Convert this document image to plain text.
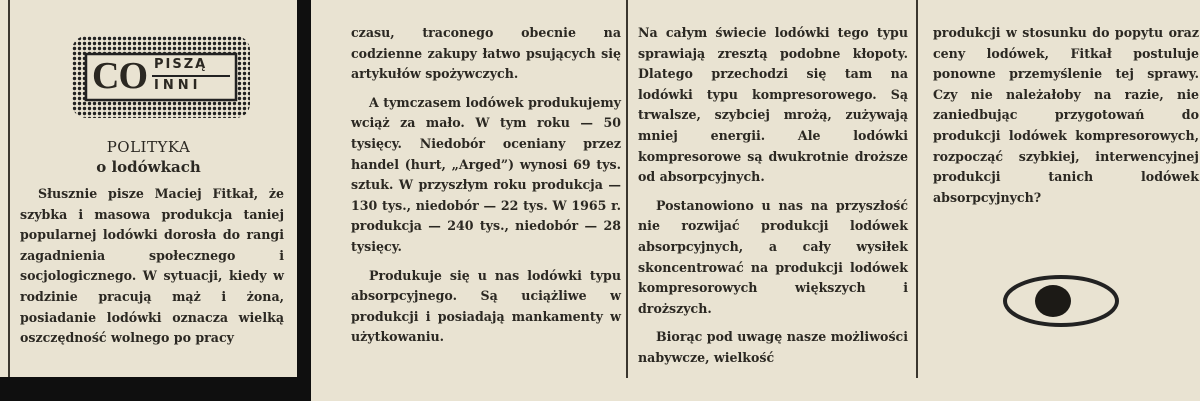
CO PISZĄ
INNI
POLITYKA
o lodówkach

Słusznie pisze Maciej Fitkał, że szybka i masowa produkcja taniej popularnej lodówki dorosła do rangi zagadnienia społecznego i socjologicznego. W sytuacji, kiedy w rodzinie pracują mąż i żona, posiadanie lodówki oznacza wielką oszczędność wolnego po pracy

czasu, traconego obecnie na codzienne zakupy łatwo psujących się artykułów spożywczych.

A tymczasem lodówek produkujemy wciąż za mało. W tym roku — 50 tysięcy. Niedobór oceniany przez handel (hurt, „Arged”) wynosi 69 tys. sztuk. W przyszłym roku produkcja — 130 tys., niedobór — 22 tys. W 1965 r. produkcja — 240 tys., niedobór — 28 tysięcy.

Produkuje się u nas lodówki typu absorpcyjnego. Są uciążliwe w produkcji i posiadają mankamenty w użytkowaniu.

Na całym świecie lodówki tego typu sprawiają zresztą podobne kłopoty. Dlatego przechodzi się tam na lodówki typu kompresorowego. Są trwalsze, szybciej mrożą, zużywają mniej energii. Ale lodówki kompresorowe są dwukrotnie droższe od absorpcyjnych.

Postanowiono u nas na przyszłość nie rozwijać produkcji lodówek absorpcyjnych, a cały wysiłek skoncentrować na produkcji lodówek kompresorowych większych i droższych.

Biorąc pod uwagę nasze możliwości nabywcze, wielkość

produkcji w stosunku do popytu oraz ceny lodówek, Fitkał postuluje ponowne przemyślenie tej sprawy. Czy nie należałoby na razie, nie zaniedbując przygotowań do produkcji lodówek kompresorowych, rozpocząć szybkiej, interwencyjnej produkcji tanich lodówek absorpcyjnych?
